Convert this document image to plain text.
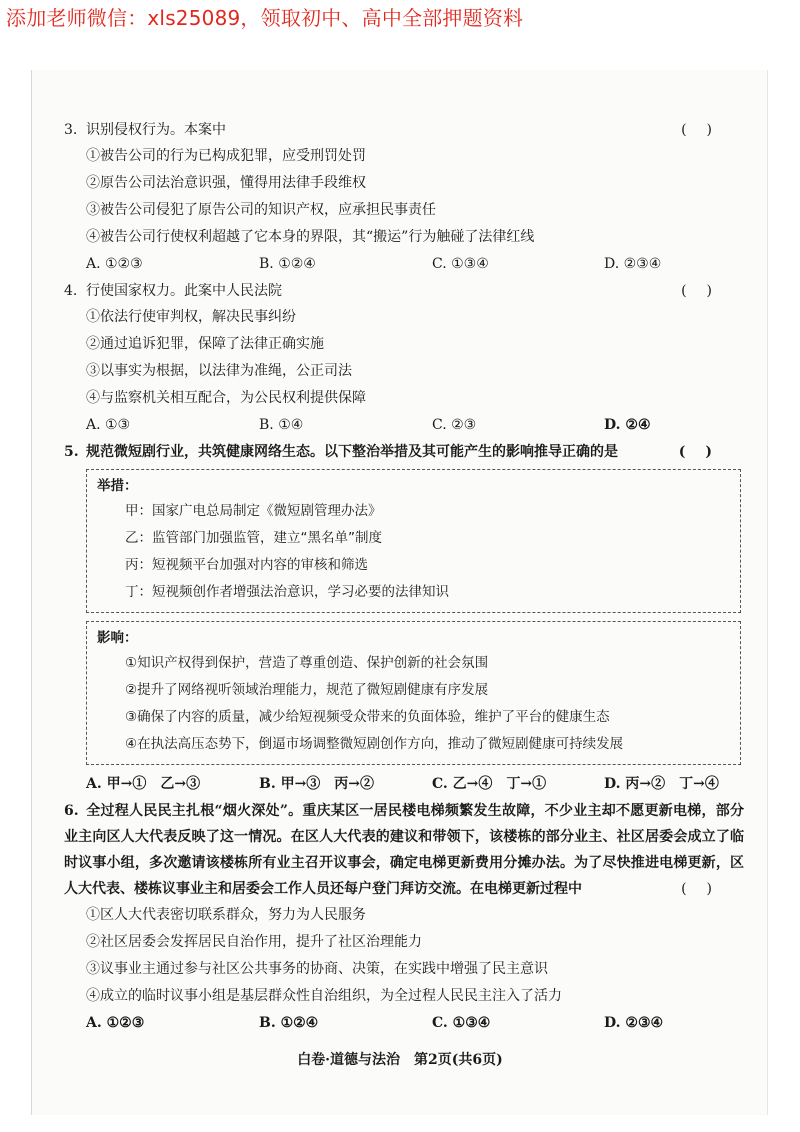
添加老师微信：xls25089，领取初中、高中全部押题资料
3. 识别侵权行为。本案中	()
①被告公司的行为已构成犯罪，应受刑罚处罚
②原告公司法治意识强，懂得用法律手段维权
③被告公司侵犯了原告公司的知识产权，应承担民事责任
④被告公司行使权利超越了它本身的界限，其“搬运”行为触碰了法律红线
A. ①②③	B. ①②④	C. ①③④	D. ②③④
4. 行使国家权力。此案中人民法院	()
①依法行使审判权，解决民事纠纷
②通过追诉犯罪，保障了法律正确实施
③以事实为根据，以法律为准绳，公正司法
④与监察机关相互配合，为公民权利提供保障
A. ①③	B. ①④	C. ②③	D. ②④
5. 规范微短剧行业，共筑健康网络生态。以下整治举措及其可能产生的影响推导正确的是	()
举措：
甲：国家广电总局制定《微短剧管理办法》
乙：监管部门加强监管，建立“黑名单”制度
丙：短视频平台加强对内容的审核和筛选
丁：短视频创作者增强法治意识，学习必要的法律知识
影响：
①知识产权得到保护，营造了尊重创造、保护创新的社会氛围
②提升了网络视听领域治理能力，规范了微短剧健康有序发展
③确保了内容的质量，减少给短视频受众带来的负面体验，维护了平台的健康生态
④在执法高压态势下，倒逼市场调整微短剧创作方向，推动了微短剧健康可持续发展
A. 甲→①　乙→③	B. 甲→③　丙→②	C. 乙→④　丁→①	D. 丙→②　丁→④
6. 全过程人民民主扎根“烟火深处”。重庆某区一居民楼电梯频繁发生故障，不少业主却不愿更新电梯，部分业主向区人大代表反映了这一情况。在区人大代表的建议和带领下，该楼栋的部分业主、社区居委会成立了临时议事小组，多次邀请该楼栋所有业主召开议事会，确定电梯更新费用分摊办法。为了尽快推进电梯更新，区人大代表、楼栋议事业主和居委会工作人员还每户登门拜访交流。在电梯更新过程中	()
①区人大代表密切联系群众，努力为人民服务
②社区居委会发挥居民自治作用，提升了社区治理能力
③议事业主通过参与社区公共事务的协商、决策，在实践中增强了民主意识
④成立的临时议事小组是基层群众性自治组织，为全过程人民民主注入了活力
A. ①②③	B. ①②④	C. ①③④	D. ②③④
白卷·道德与法治　第2页(共6页)
